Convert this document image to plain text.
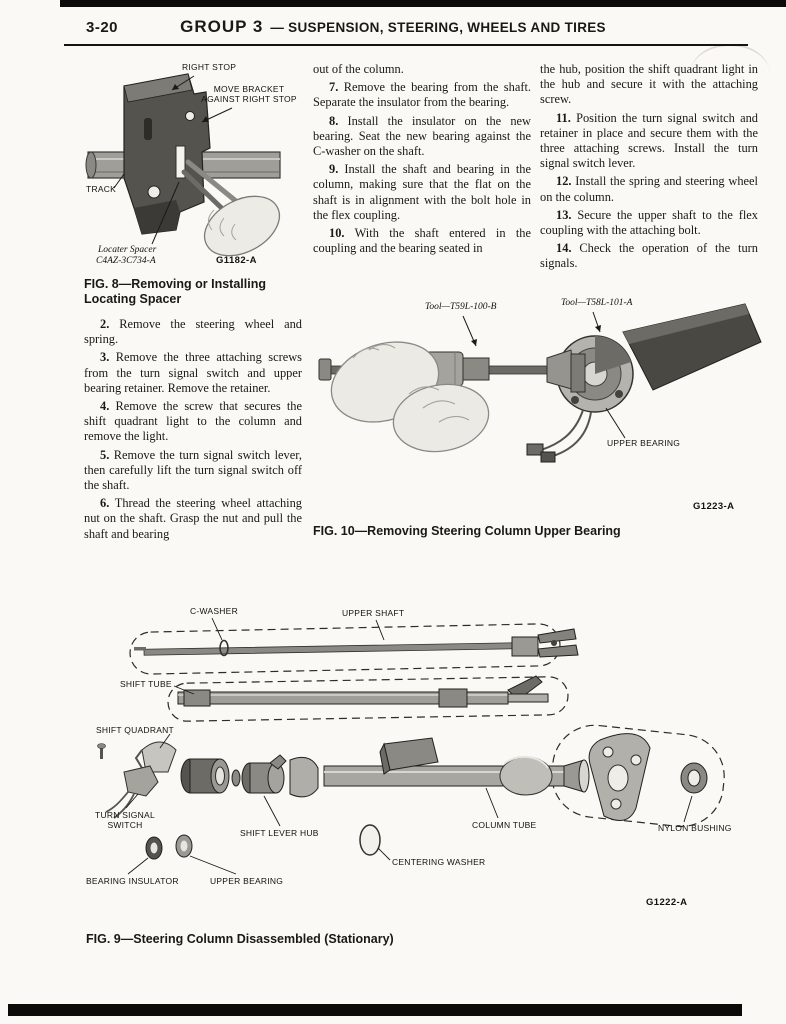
3-20	GROUP 3 — SUSPENSION, STEERING, WHEELS AND TIRES
RIGHT STOP
MOVE BRACKET
AGAINST RIGHT STOP
TRACK
Locater Spacer
C4AZ-3C734-A	G1182-A
FIG. 8—Removing or Installing Locating Spacer

2. Remove the steering wheel and spring.

3. Remove the three attaching screws from the turn signal switch and upper bearing retainer. Remove the retainer.

4. Remove the screw that secures the shift quadrant light to the column and remove the light.

5. Remove the turn signal switch lever, then carefully lift the turn signal switch off the shaft.

6. Thread the steering wheel attaching nut on the shaft. Grasp the nut and pull the shaft and bearing

out of the column.

7. Remove the bearing from the shaft. Separate the insulator from the bearing.

8. Install the insulator on the new bearing. Seat the new bearing against the C-washer on the shaft.

9. Install the shaft and bearing in the column, making sure that the flat on the shaft is in alignment with the bolt hole in the flex coupling.

10. With the shaft entered in the coupling and the bearing seated in

the hub, position the shift quadrant light in the hub and secure it with the attaching screw.

11. Position the turn signal switch and retainer in place and secure them with the three attaching screws. Install the turn signal switch lever.

12. Install the spring and steering wheel on the column.

13. Secure the upper shaft to the flex coupling with the attaching bolt.

14. Check the operation of the turn signals.

Tool—T59L-100-B	Tool—T58L-101-A
UPPER BEARING
G1223-A
FIG. 10—Removing Steering Column Upper Bearing
C-WASHER	UPPER SHAFT
SHIFT TUBE
SHIFT QUADRANT
TURN SIGNAL
SWITCH
SHIFT LEVER HUB
COLUMN TUBE	NYLON BUSHING
CENTERING WASHER
BEARING INSULATOR	UPPER BEARING
G1222-A
FIG. 9—Steering Column Disassembled (Stationary)
